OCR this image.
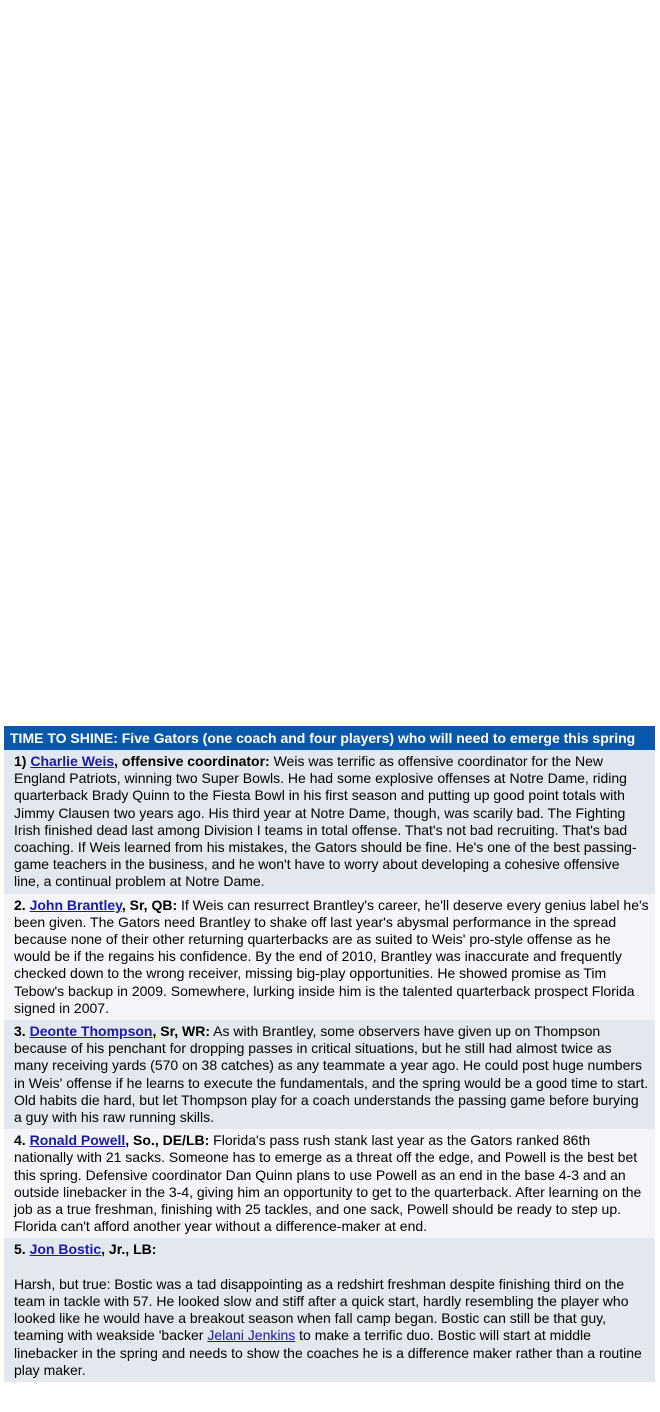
TIME TO SHINE: Five Gators (one coach and four players) who will need to emerge this spring
1) Charlie Weis, offensive coordinator: Weis was terrific as offensive coordinator for the New England Patriots, winning two Super Bowls. He had some explosive offenses at Notre Dame, riding quarterback Brady Quinn to the Fiesta Bowl in his first season and putting up good point totals with Jimmy Clausen two years ago. His third year at Notre Dame, though, was scarily bad. The Fighting Irish finished dead last among Division I teams in total offense. That's not bad recruiting. That's bad coaching. If Weis learned from his mistakes, the Gators should be fine. He's one of the best passing-game teachers in the business, and he won't have to worry about developing a cohesive offensive line, a continual problem at Notre Dame.
2. John Brantley, Sr, QB: If Weis can resurrect Brantley's career, he'll deserve every genius label he's been given. The Gators need Brantley to shake off last year's abysmal performance in the spread because none of their other returning quarterbacks are as suited to Weis' pro-style offense as he would be if the regains his confidence. By the end of 2010, Brantley was inaccurate and frequently checked down to the wrong receiver, missing big-play opportunities. He showed promise as Tim Tebow's backup in 2009. Somewhere, lurking inside him is the talented quarterback prospect Florida signed in 2007.
3. Deonte Thompson, Sr, WR: As with Brantley, some observers have given up on Thompson because of his penchant for dropping passes in critical situations, but he still had almost twice as many receiving yards (570 on 38 catches) as any teammate a year ago. He could post huge numbers in Weis' offense if he learns to execute the fundamentals, and the spring would be a good time to start. Old habits die hard, but let Thompson play for a coach understands the passing game before burying a guy with his raw running skills.
4. Ronald Powell, So., DE/LB: Florida's pass rush stank last year as the Gators ranked 86th nationally with 21 sacks. Someone has to emerge as a threat off the edge, and Powell is the best bet this spring. Defensive coordinator Dan Quinn plans to use Powell as an end in the base 4-3 and an outside linebacker in the 3-4, giving him an opportunity to get to the quarterback. After learning on the job as a true freshman, finishing with 25 tackles, and one sack, Powell should be ready to step up. Florida can't afford another year without a difference-maker at end.
5. Jon Bostic, Jr., LB:
Harsh, but true: Bostic was a tad disappointing as a redshirt freshman despite finishing third on the team in tackle with 57. He looked slow and stiff after a quick start, hardly resembling the player who looked like he would have a breakout season when fall camp began. Bostic can still be that guy, teaming with weakside 'backer Jelani Jenkins to make a terrific duo. Bostic will start at middle linebacker in the spring and needs to show the coaches he is a difference maker rather than a routine play maker.
